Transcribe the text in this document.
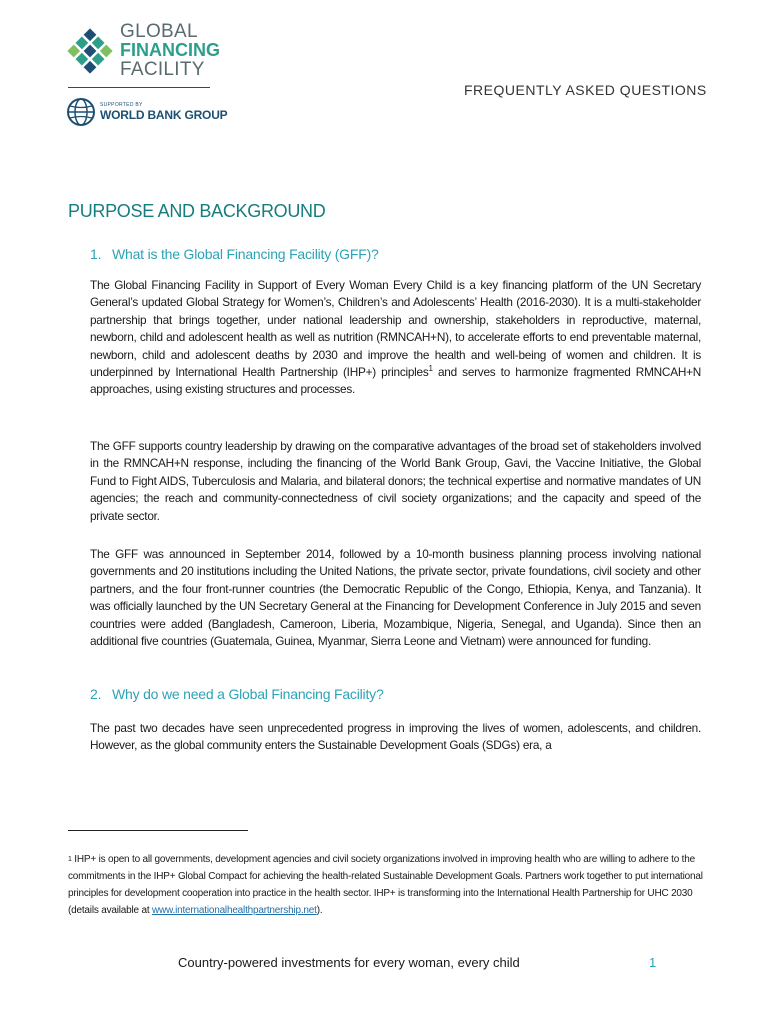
GLOBAL
FINANCING
FACILITY
SUPPORTED BY
WORLD BANK GROUP
FREQUENTLY ASKED QUESTIONS
PURPOSE AND BACKGROUND
1. What is the Global Financing Facility (GFF)?

The Global Financing Facility in Support of Every Woman Every Child is a key financing platform of the UN Secretary General’s updated Global Strategy for Women’s, Children’s and Adolescents’ Health (2016-2030). It is a multi-stakeholder partnership that brings together, under national leadership and ownership, stakeholders in reproductive, maternal, newborn, child and adolescent health as well as nutrition (RMNCAH+N), to accelerate efforts to end preventable maternal, newborn, child and adolescent deaths by 2030 and improve the health and well-being of women and children. It is underpinned by International Health Partnership (IHP+) principles$^1$ and serves to harmonize fragmented RMNCAH+N approaches, using existing structures and processes.

The GFF supports country leadership by drawing on the comparative advantages of the broad set of stakeholders involved in the RMNCAH+N response, including the financing of the World Bank Group, Gavi, the Vaccine Initiative, the Global Fund to Fight AIDS, Tuberculosis and Malaria, and bilateral donors; the technical expertise and normative mandates of UN agencies; the reach and community-connectedness of civil society organizations; and the capacity and speed of the private sector.

The GFF was announced in September 2014, followed by a 10-month business planning process involving national governments and 20 institutions including the United Nations, the private sector, private foundations, civil society and other partners, and the four front-runner countries (the Democratic Republic of the Congo, Ethiopia, Kenya, and Tanzania). It was officially launched by the UN Secretary General at the Financing for Development Conference in July 2015 and seven countries were added (Bangladesh, Cameroon, Liberia, Mozambique, Nigeria, Senegal, and Uganda). Since then an additional five countries (Guatemala, Guinea, Myanmar, Sierra Leone and Vietnam) were announced for funding.

2. Why do we need a Global Financing Facility?

The past two decades have seen unprecedented progress in improving the lives of women, adolescents, and children. However, as the global community enters the Sustainable Development Goals (SDGs) era, a

$^1$ IHP+ is open to all governments, development agencies and civil society organizations involved in improving health who are willing to adhere to the commitments in the IHP+ Global Compact for achieving the health-related Sustainable Development Goals. Partners work together to put international principles for development cooperation into practice in the health sector. IHP+ is transforming into the International Health Partnership for UHC 2030 (details available at www.internationalhealthpartnership.net).

Country-powered investments for every woman, every child	1
